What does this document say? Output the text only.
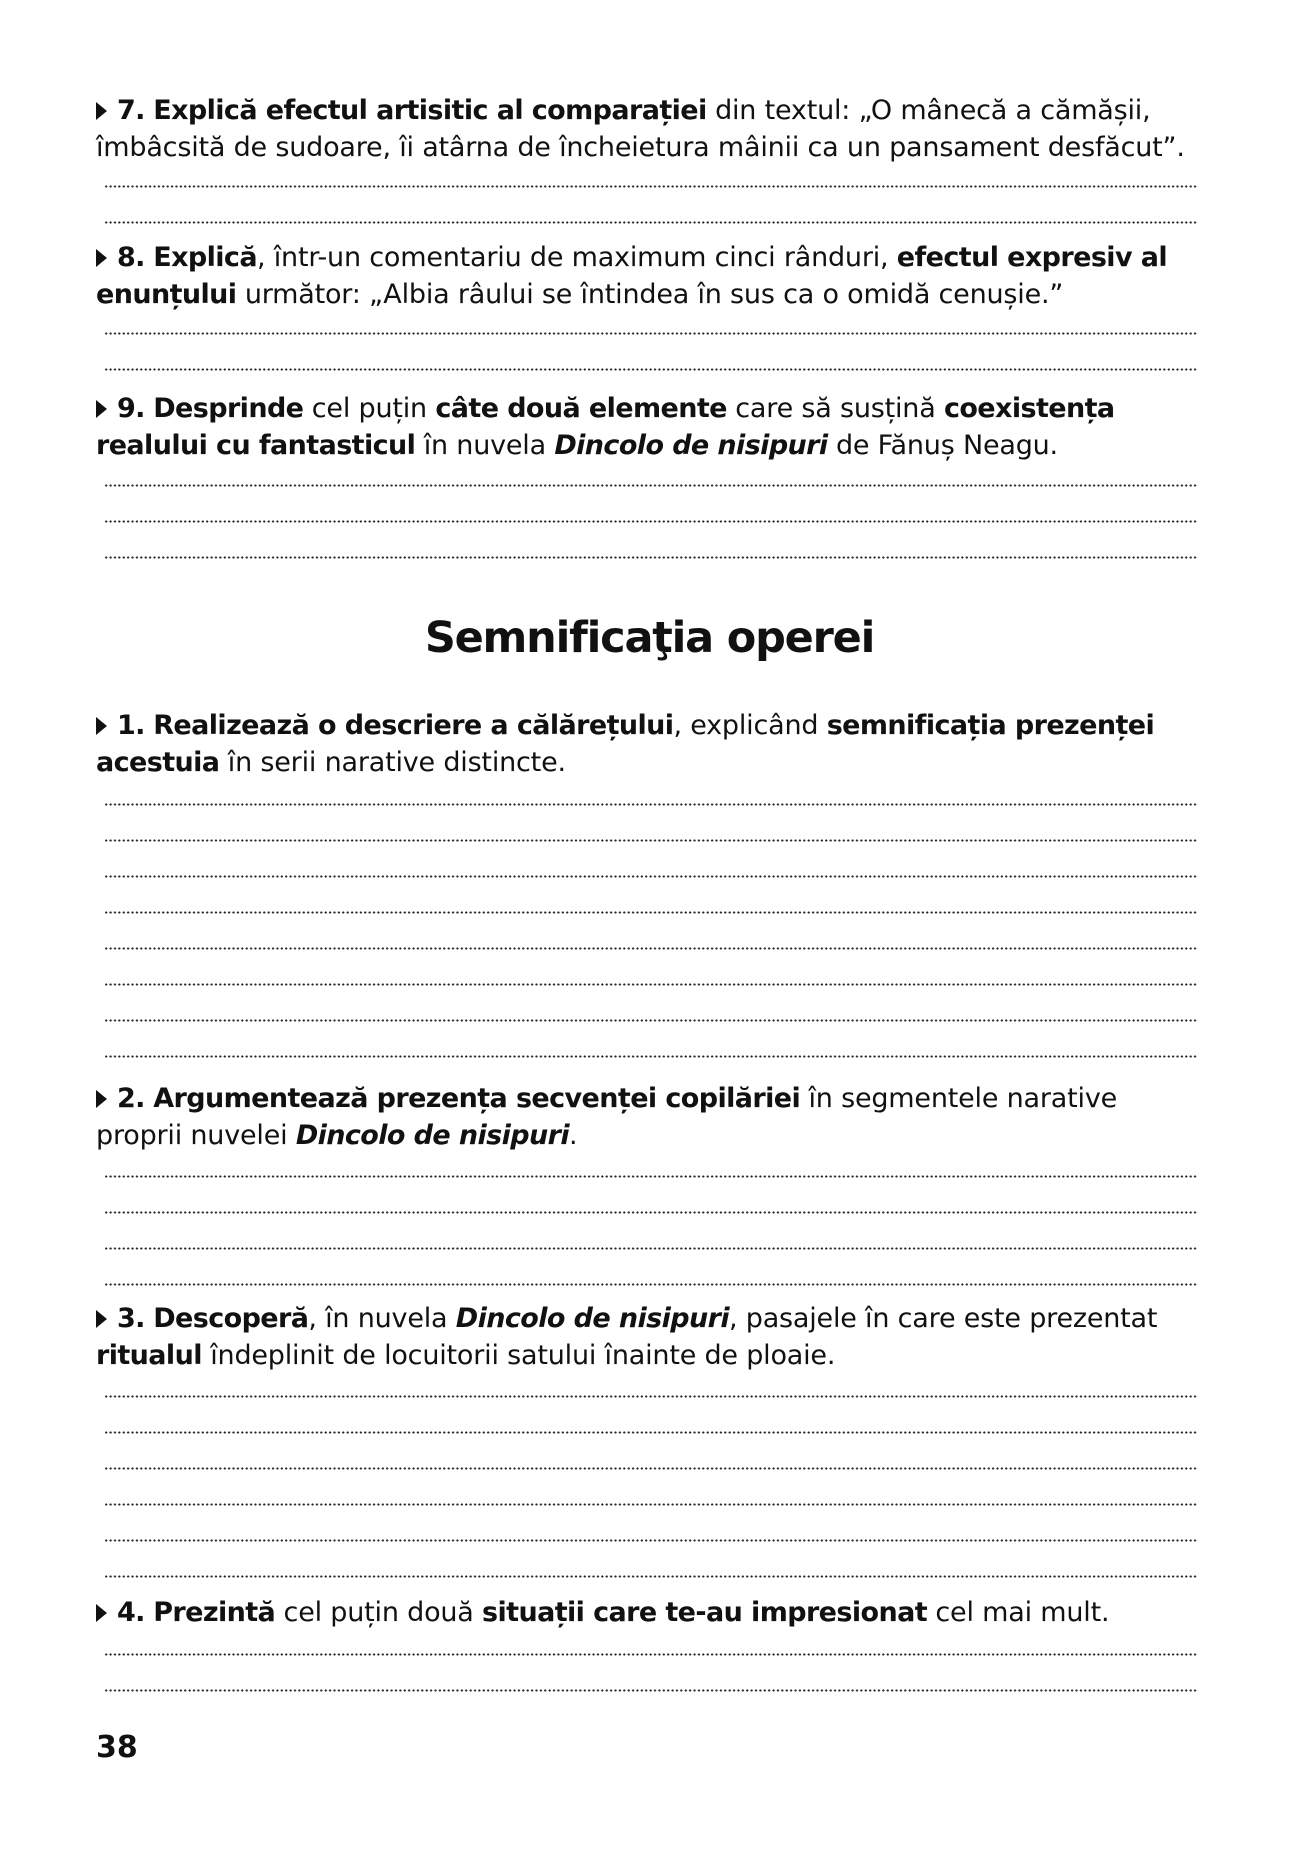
7. Explică efectul artisitic al comparației din textul: „O mânecă a cămășii, îmbâcsită de sudoare, îi atârna de încheietura mâinii ca un pansament desfăcut”.
8. Explică, într-un comentariu de maximum cinci rânduri, efectul expresiv al enunțului următor: „Albia râului se întindea în sus ca o omidă cenușie.”
9. Desprinde cel puțin câte două elemente care să susțină coexistența realului cu fantasticul în nuvela Dincolo de nisipuri de Fănuș Neagu.
Semnificaţia operei
1. Realizează o descriere a călărețului, explicând semnificația prezenței acestuia în serii narative distincte.
2. Argumentează prezența secvenței copilăriei în segmentele narative proprii nuvelei Dincolo de nisipuri.
3. Descoperă, în nuvela Dincolo de nisipuri, pasajele în care este prezentat ritualul îndeplinit de locuitorii satului înainte de ploaie.
4. Prezintă cel puțin două situații care te-au impresionat cel mai mult.
38
